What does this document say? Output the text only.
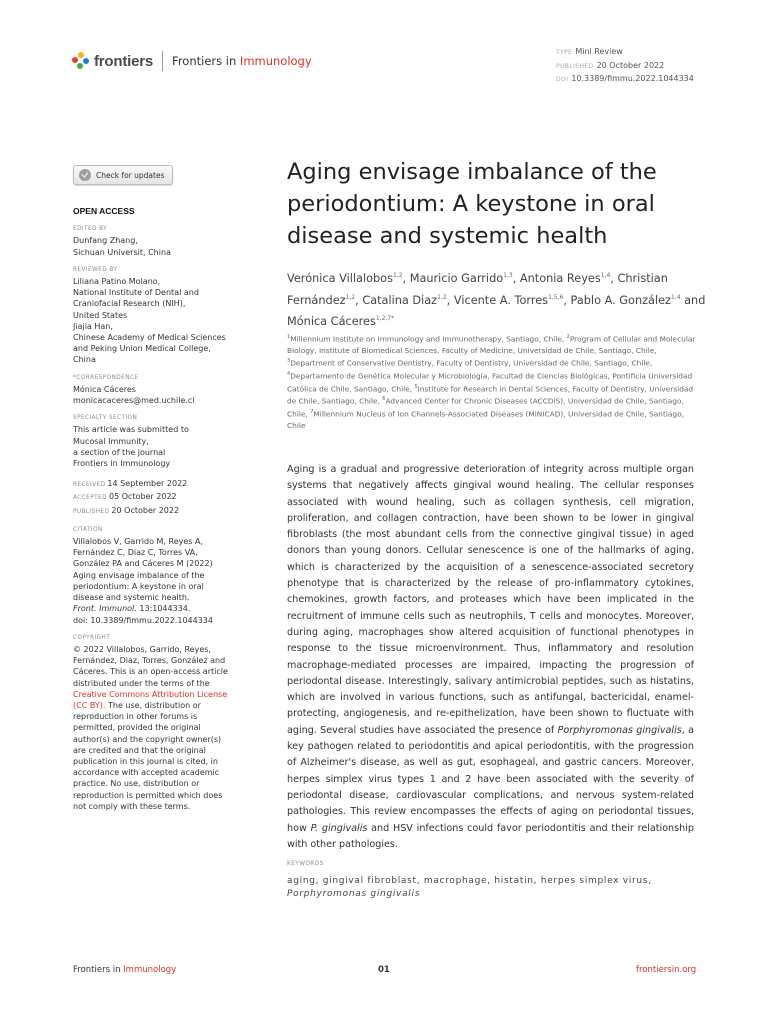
frontiers Frontiers in Immunology
TYPE Mini Review
PUBLISHED 20 October 2022
DOI 10.3389/fimmu.2022.1044334
Check for updates
OPEN ACCESS
EDITED BY
Dunfang Zhang,
Sichuan Universit, China
REVIEWED BY
Liliana Patino Molano,
National Institute of Dental and
Craniofacial Research (NIH),
United States
Jiajia Han,
Chinese Academy of Medical Sciences
and Peking Union Medical College,
China
*CORRESPONDENCE
Mónica Cáceres
monicacaceres@med.uchile.cl
SPECIALTY SECTION
This article was submitted to
Mucosal Immunity,
a section of the journal
Frontiers in Immunology
RECEIVED 14 September 2022
ACCEPTED 05 October 2022
PUBLISHED 20 October 2022
CITATION
Villalobos V, Garrido M, Reyes A,
Fernández C, Diaz C, Torres VA,
González PA and Cáceres M (2022)
Aging envisage imbalance of the
periodontium: A keystone in oral
disease and systemic health.
Front. Immunol. 13:1044334.
doi: 10.3389/fimmu.2022.1044334
COPYRIGHT
© 2022 Villalobos, Garrido, Reyes,
Fernández, Diaz, Torres, González and
Cáceres. This is an open-access article
distributed under the terms of the
Creative Commons Attribution License
(CC BY). The use, distribution or
reproduction in other forums is
permitted, provided the original
author(s) and the copyright owner(s)
are credited and that the original
publication in this journal is cited, in
accordance with accepted academic
practice. No use, distribution or
reproduction is permitted which does
not comply with these terms.
Aging envisage imbalance of the periodontium: A keystone in oral disease and systemic health
Verónica Villalobos$^{1,2}$, Mauricio Garrido$^{1,3}$, Antonia Reyes$^{1,4}$, Christian Fernández$^{1,2}$, Catalina Diaz$^{1,2}$, Vicente A. Torres$^{1,5,6}$, Pablo A. González$^{1,4}$ and Mónica Cáceres$^{1,2,7*}$
$^1$Millennium Institute on Immunology and Immunotherapy, Santiago, Chile, $^2$Program of Cellular and Molecular Biology, Institute of Biomedical Sciences, Faculty of Medicine, Universidad de Chile, Santiago, Chile, $^3$Department of Conservative Dentistry, Faculty of Dentistry, Universidad de Chile, Santiago, Chile, $^4$Departamento de Genética Molecular y Microbiología, Facultad de Ciencias Biológicas, Pontificia Universidad Católica de Chile, Santiago, Chile, $^5$Institute for Research in Dental Sciences, Faculty of Dentistry, Universidad de Chile, Santiago, Chile, $^6$Advanced Center for Chronic Diseases (ACCDiS), Universidad de Chile, Santiago, Chile, $^7$Millennium Nucleus of Ion Channels-Associated Diseases (MiNICAD), Universidad de Chile, Santiago, Chile
Aging is a gradual and progressive deterioration of integrity across multiple organ systems that negatively affects gingival wound healing. The cellular responses associated with wound healing, such as collagen synthesis, cell migration, proliferation, and collagen contraction, have been shown to be lower in gingival fibroblasts (the most abundant cells from the connective gingival tissue) in aged donors than young donors. Cellular senescence is one of the hallmarks of aging, which is characterized by the acquisition of a senescence-associated secretory phenotype that is characterized by the release of pro-inflammatory cytokines, chemokines, growth factors, and proteases which have been implicated in the recruitment of immune cells such as neutrophils, T cells and monocytes. Moreover, during aging, macrophages show altered acquisition of functional phenotypes in response to the tissue microenvironment. Thus, inflammatory and resolution macrophage-mediated processes are impaired, impacting the progression of periodontal disease. Interestingly, salivary antimicrobial peptides, such as histatins, which are involved in various functions, such as antifungal, bactericidal, enamel-protecting, angiogenesis, and re-epithelization, have been shown to fluctuate with aging. Several studies have associated the presence of Porphyromonas gingivalis, a key pathogen related to periodontitis and apical periodontitis, with the progression of Alzheimer's disease, as well as gut, esophageal, and gastric cancers. Moreover, herpes simplex virus types 1 and 2 have been associated with the severity of periodontal disease, cardiovascular complications, and nervous system-related pathologies. This review encompasses the effects of aging on periodontal tissues, how P. gingivalis and HSV infections could favor periodontitis and their relationship with other pathologies.
KEYWORDS
aging, gingival fibroblast, macrophage, histatin, herpes simplex virus,
Porphyromonas gingivalis
Frontiers in Immunology	01	frontiersin.org
